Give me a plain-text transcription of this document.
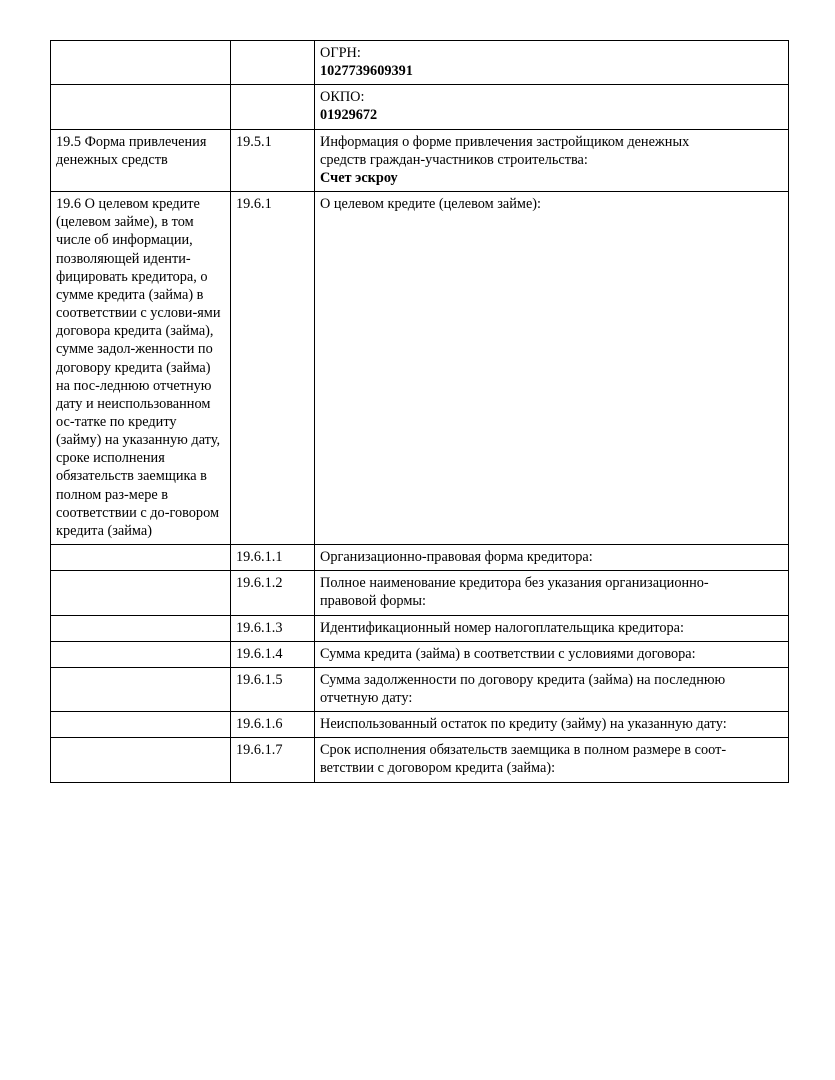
		ОГРН:
1027739609391

		ОКПО:
01929672

19.5 Форма привлечения денежных средств	19.5.1	Информация о форме привлечения застройщиком денежных
средств граждан-участников строительства:
Счет эскроу

19.6 О целевом кредите (целевом займе), в том числе об информации, позволяющей иденти-фицировать кредитора, о сумме кредита (займа) в соответствии с услови-ями договора кредита (займа), сумме задол-женности по договору кредита (займа) на пос-леднюю отчетную дату и неиспользованном ос-татке по кредиту (займу) на указанную дату, сроке исполнения обязательств заемщика в полном раз-мере в соответствии с до-говором кредита (займа)	19.6.1	О целевом кредите (целевом займе):

	19.6.1.1	Организационно-правовая форма кредитора:

	19.6.1.2	Полное наименование кредитора без указания организационно-
правовой формы:

	19.6.1.3	Идентификационный номер налогоплательщика кредитора:

	19.6.1.4	Сумма кредита (займа) в соответствии с условиями договора:

	19.6.1.5	Сумма задолженности по договору кредита (займа) на последнюю
отчетную дату:

	19.6.1.6	Неиспользованный остаток по кредиту (займу) на указанную дату:

	19.6.1.7	Срок исполнения обязательств заемщика в полном размере в соот-
ветствии с договором кредита (займа):
